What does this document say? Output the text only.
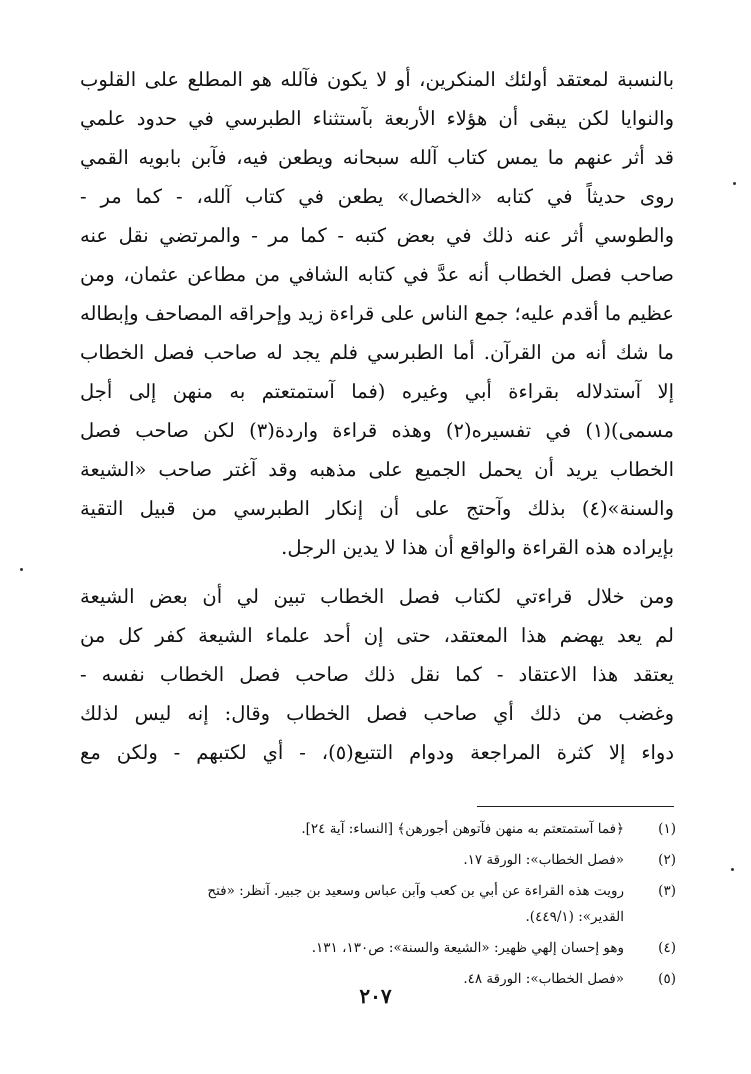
بالنسبة لمعتقد أولئك المنكرين، أو لا يكون فآلله هو المطلع على القلوب
والنوايا لكن يبقى أن هؤلاء الأربعة بآستثناء الطبرسي في حدود علمي
قد أثر عنهم ما يمس كتاب آلله سبحانه ويطعن فيه، فآبن بابويه القمي
روى حديثاً في كتابه «الخصال» يطعن في كتاب آلله، - كما مر -
والطوسي أثر عنه ذلك في بعض كتبه - كما مر - والمرتضي نقل عنه
صاحب فصل الخطاب أنه عدَّ في كتابه الشافي من مطاعن عثمان، ومن
عظيم ما أقدم عليه؛ جمع الناس على قراءة زيد وإحراقه المصاحف وإبطاله
ما شك أنه من القرآن. أما الطبرسي فلم يجد له صاحب فصل الخطاب
إلا آستدلاله بقراءة أبي وغيره (فما آستمتعتم به منهن إلى أجل
مسمى)(١) في تفسيره(٢) وهذه قراءة واردة(٣) لكن صاحب فصل
الخطاب يريد أن يحمل الجميع على مذهبه وقد آغتر صاحب «الشيعة
والسنة»(٤) بذلك وآحتج على أن إنكار الطبرسي من قبيل التقية
بإيراده هذه القراءة والواقع أن هذا لا يدين الرجل.
ومن خلال قراءتي لكتاب فصل الخطاب تبين لي أن بعض الشيعة
لم يعد يهضم هذا المعتقد، حتى إن أحد علماء الشيعة كفر كل من
يعتقد هذا الاعتقاد - كما نقل ذلك صاحب فصل الخطاب نفسه -
وغضب من ذلك أي صاحب فصل الخطاب وقال: إنه ليس لذلك
دواء إلا كثرة المراجعة ودوام التتبع(٥)، - أي لكتبهم - ولكن مع
(١)
﴿فما آستمتعتم به منهن فآتوهن أجورهن﴾ [النساء: آية ٢٤].
(٢)
«فصل الخطاب»: الورقة ١٧.
(٣)
رويت هذه القراءة عن أبي بن كعب وآبن عباس وسعيد بن جبير. آنظر: «فتح
القدير»: (٤٤٩/١).
(٤)
وهو إحسان إلهي ظهير: «الشيعة والسنة»: ص١٣٠، ١٣١.
(٥)
«فصل الخطاب»: الورقة ٤٨.
٢٠٧
